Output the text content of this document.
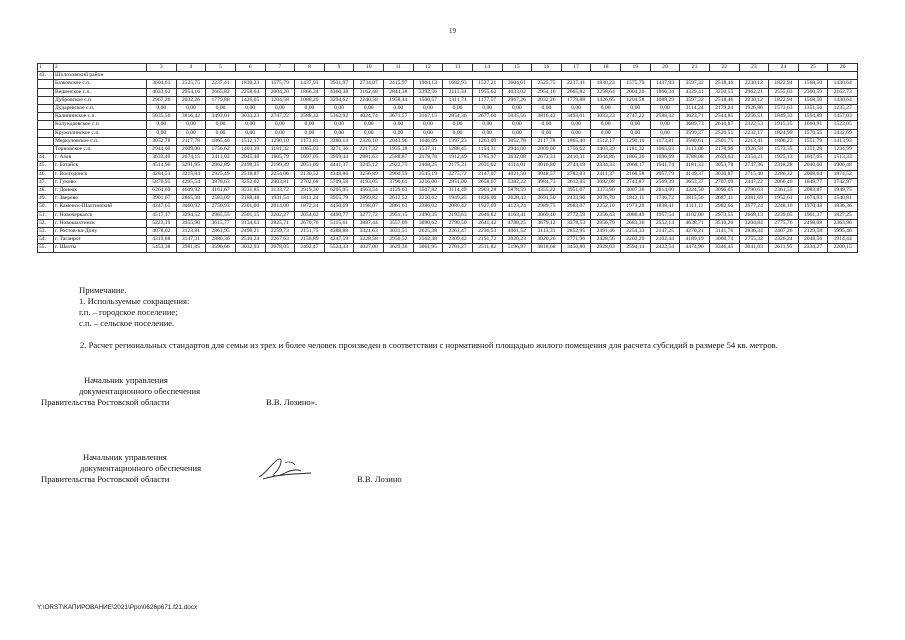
19
1	2	3	4	5	6	7	8	9	10	11	12	13	14	15	16	17	18	19	20	21	22	23	24	25	26
43.	Шолоховский район																								
	Базковское с.п.	3604,61	2525,75	2237,41	1830,23	1575,79	1437,93	3931,97	2734,07	2415,97	1964,13	1682,93	1527,21	3604,61	2525,75	2237,41	1830,23	1575,79	1437,93	3597,32	2518,46	2230,12	1822,94	1568,50	1430,64
	Вешенское с.п.	4033,02	2954,16	2665,82	2258,64	2004,20	1866,34	4360,38	3162,48	2844,38	2392,56	2111,34	1955,62	4033,02	2954,16	2665,82	2258,64	2004,20	1866,34	4329,41	3250,55	2962,21	2555,03	2300,59	2162,73
	Дубровское с.п.	2967,26	2032,26	1779,88	1426,65	1204,58	1088,29	3294,62	2240,58	1958,44	1560,57	1311,71	1177,57	2967,26	2032,26	1779,88	1426,65	1204,58	1088,29	3597,32	2518,46	2230,12	1822,94	1568,50	1430,64
	Дударевское с.п.	0,00	0,00	0,00	0,00	0,00	0,00	0,00	0,00	0,00	0,00	0,00	0,00	0,00	0,00	0,00	0,00	0,00	0,00	3114,24	2179,24	1926,86	1573,63	1351,56	1235,27
	Калининское с.п.	5035,56	3816,42	3493,01	3033,23	2747,22	2588,32	5362,92	4024,74	3671,57	3167,15	2854,36	2677,60	5035,56	3816,42	3493,01	3033,23	2747,22	2588,32	3623,71	2544,85	2256,51	1849,33	1594,89	1457,03
	Колундаевское с.п.	0,00	0,00	0,00	0,00	0,00	0,00	0,00	0,00	0,00	0,00	0,00	0,00	0,00	0,00	0,00	0,00	0,00	0,00	3689,73	2610,87	2322,53	1915,35	1660,91	1523,05
	Кружилинское с.п.	0,00	0,00	0,00	0,00	0,00	0,00	0,00	0,00	0,00	0,00	0,00	0,00	0,00	0,00	0,00	0,00	0,00	0,00	3599,37	2520,51	2232,17	1824,99	1570,55	1432,69
	Меркуловское с.п.	3052,78	2117,78	1865,40	1512,17	1290,10	1173,81	3380,14	2326,10	2043,96	1646,09	1397,23	1263,09	3052,78	2117,78	1865,40	1512,17	1290,10	1173,81	3580,61	2501,75	2213,41	1806,23	1551,79	1413,93
	Терновское с.п.	2944,00	2009,00	1756,62	1403,39	1181,32	1065,03	3271,36	2217,32	1935,18	1537,31	1288,45	1154,31	2944,00	2009,00	1756,62	1403,39	1181,32	1065,03	3113,06	2178,96	1926,58	1573,35	1351,28	1234,99
44.	г. Азов	3633,40	2674,15	2411,03	2045,40	1805,79	1697,05	3959,44	2881,63	2588,87	2178,78	1912,49	1785,97	3632,08	2673,31	2410,31	2044,86	1805,36	1696,69	3788,08	2659,63	2354,21	1925,13	1647,65	1513,33
45.	г. Батайск	4514,96	3291,95	2962,89	2498,35	2199,39	2051,09	4441,37	3245,12	2922,75	2468,25	2175,31	2031,02	4114,01	3016,80	2744,19	2334,33	2068,17	1941,74	4181,33	3053,78	2747,36	2318,28	2040,60	1906,48
46.	г. Волгодонск	4284,51	3215,84	2925,49	2518,87	2254,06	2130,52	4348,86	3256,89	2960,59	2545,19	2275,72	2147,07	4021,50	3048,57	2782,03	2411,37	2168,58	2057,79	4149,37	3030,87	2715,40	2286,32	2008,64	1874,52
47.	г. Гуково	5870,95	4295,54	3878,63	3252,02	2903,81	2702,68	5709,58	4193,05	3790,61	3216,00	2851,00	2658,67	5382,22	3984,73	3612,05	3082,08	2743,87	2569,39	3653,37	2707,09	2447,22	2066,46	1849,77	1742,97
48.	г. Донецк	6264,69	4609,92	4161,67	3531,85	3133,72	2919,30	6205,95	4563,54	4129,63	3507,82	3114,49	2903,28	5878,59	4355,22	3951,07	3373,90	3007,36	2814,00	4224,50	3096,05	2790,63	2361,55	2083,87	1949,75
49.	г. Зверево	3901,67	2865,38	2583,09	2188,48	1931,54	1811,24	3955,79	2899,82	2612,52	2210,62	1949,25	1826,00	3628,43	2691,50	2433,96	2076,70	1842,11	1736,72	3815,56	2687,11	2381,69	1952,61	1674,93	1540,81
50.	г. Каменск-Шахтинский	4247,65	3060,92	2750,93	2301,00	2014,00	1872,34	4450,69	3198,07	2861,63	2386,02	2080,42	1927,69	4123,24	2989,75	2683,07	2252,10	1973,29	1838,41	4111,11	2982,66	2677,24	2248,16	1970,48	1836,36
51.	г. Новочеркасск	4517,17	3294,52	2965,55	2501,15	2202,27	2054,02	4490,77	3277,72	2951,15	2490,35	2193,63	2046,82	4163,41	3069,40	2772,59	2356,43	2086,49	1957,54	4102,00	2973,55	2668,13	2239,05	1961,37	1827,25
52.	г. Новошахтинск	5223,19	3955,90	3615,77	3134,63	2825,71	2670,76	5115,61	3887,44	3557,09	3090,62	2790,50	2641,42	4788,25	3679,12	3378,53	2956,70	2683,36	2552,14	4638,71	3510,26	3204,84	2775,76	2498,08	2363,96
53.	г. Ростов-на-Дону	4078,02	3123,81	2861,95	2498,21	2259,73	2151,75	4388,88	3321,63	3031,51	2625,38	2361,47	2236,53	4061,52	3113,31	2852,95	2491,46	2254,33	2147,25	4270,21	3141,76	2836,34	2407,26	2129,58	1995,46
54.	г. Таганрог	4319,88	3147,31	2880,36	2510,24	2267,63	2156,89	4247,59	3228,58	2950,52	2562,48	2309,42	2191,72	3920,23	3020,26	2771,96	2428,56	2202,29	2102,44	4189,19	3060,74	2755,32	2326,24	2048,56	1914,44
55.	г. Шахты	5453,38	3981,85	3590,66	3032,93	2678,05	2492,47	5524,33	4027,00	3629,36	3061,95	2701,27	2511,82	5196,97	3818,68	3450,80	2928,03	2594,14	2422,54	4474,90	3346,45	3041,03	2611,95	2334,27	2200,15
Примечание.
1. Используемые сокращения:
г.п. – городское поселение;
с.п. – сельское поселение.
2. Расчет региональных стандартов для семьи из трех и более человек произведен в соответствии с нормативной площадью жилого помещения для расчета субсидий в размере 54 кв. метров.
Начальник управления
документационного обеспечения
Правительства Ростовской области	В.В. Лозино».
Начальник управления
документационного обеспечения
Правительства Ростовской области	В.В. Лозино
Y:\ORST\КАПИРОВАНИЕ\2021\Ppo\0626p671.f21.docx
